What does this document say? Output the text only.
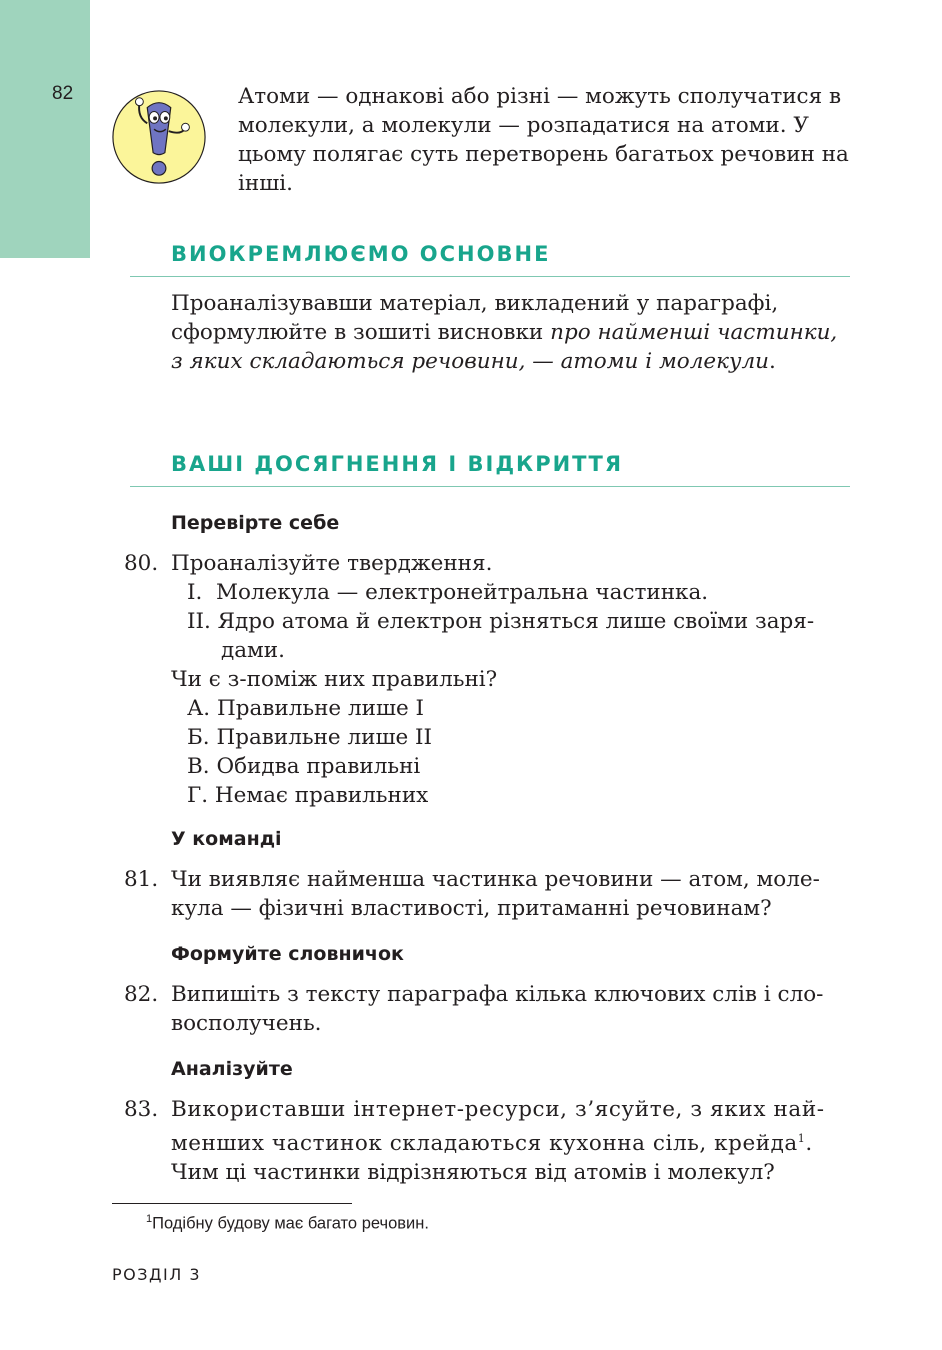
82	Атоми — однакові або різні — можуть сполучатися в молекули, а молекули — розпадатися на атоми. У цьому полягає суть перетворень багатьох речовин на інші.

ВИОКРЕМЛЮЄМО ОСНОВНЕ

Проаналізувавши матеріал, викладений у параграфі, сформулюйте в зошиті висновки про найменші частинки, з яких складаються речовини, — атоми і молекули.

ВАШІ ДОСЯГНЕННЯ І ВІДКРИТТЯ
Перевірте себе
80. Проаналізуйте твердження.
I.  Молекула — електронейтральна частинка.
II. Ядро атома й електрон різняться лише своїми заря-
дами.
Чи є з-поміж них правильні?
А. Правильне лише І
Б. Правильне лише ІІ
В. Обидва правильні
Г. Немає правильних
У команді
81. Чи виявляє найменша частинка речовини — атом, моле-
кула — фізичні властивості, притаманні речовинам?
Формуйте словничок
82. Випишіть з тексту параграфа кілька ключових слів і сло-
восполучень.
Аналізуйте
83. Використавши інтернет-ресурси, з’ясуйте, з яких най-
менших частинок складаються кухонна сіль, крейда$^1$.
Чим ці частинки відрізняються від атомів і молекул?

$^1$Подібну будову має багато речовин.

РОЗДІЛ 3
